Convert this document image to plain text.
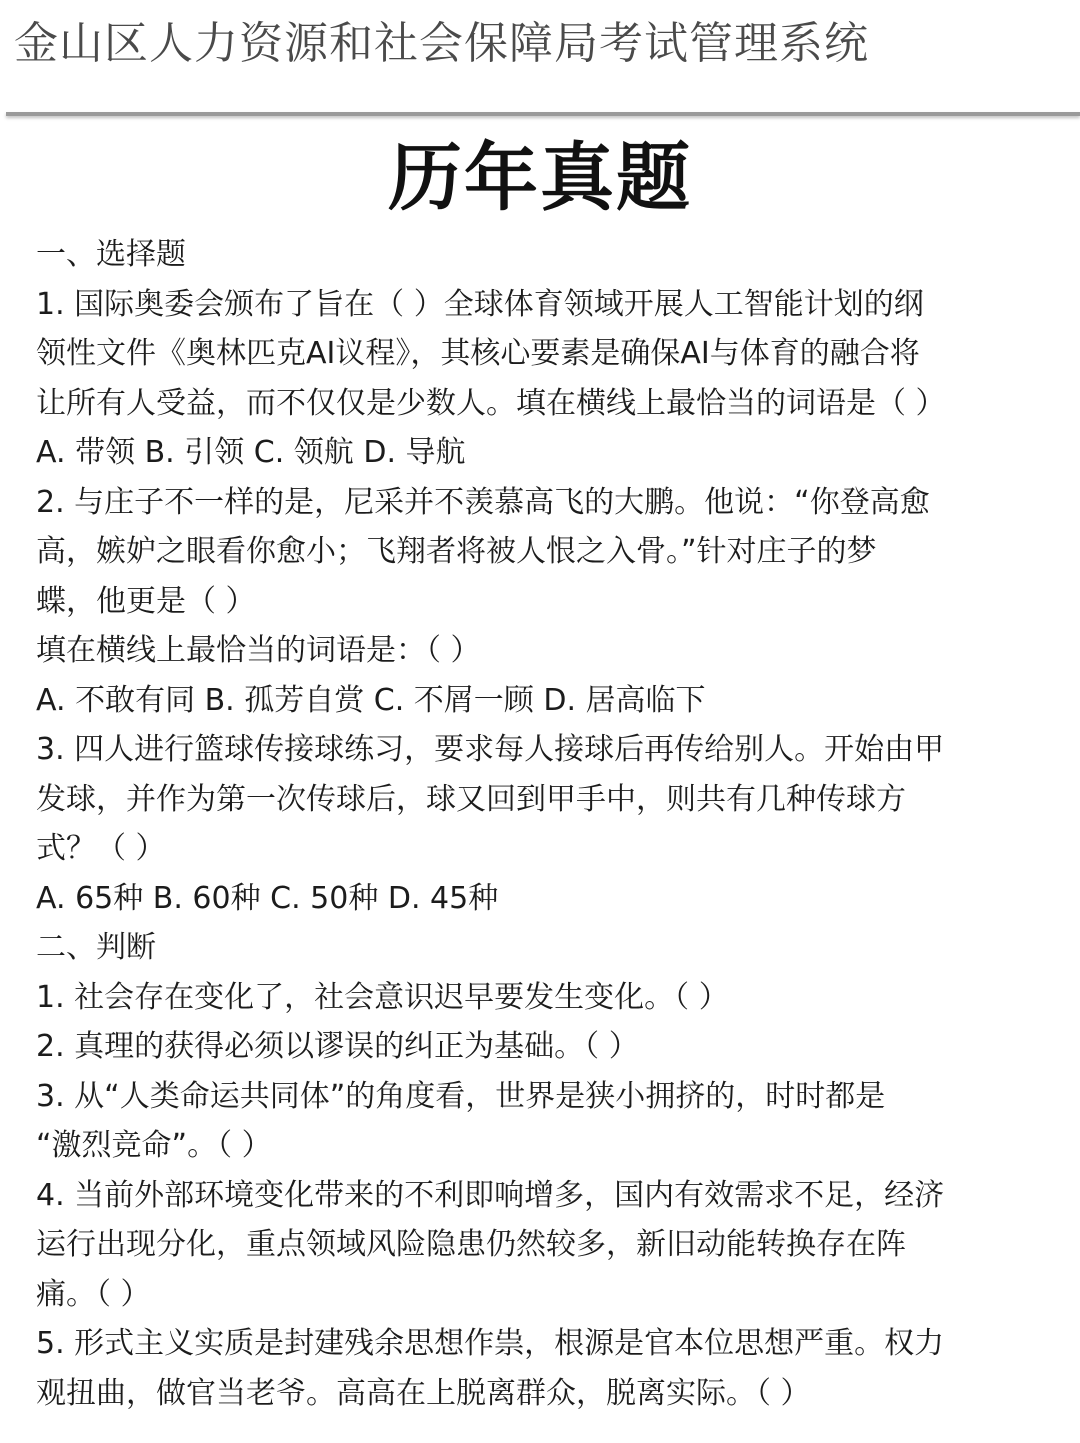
金山区人力资源和社会保障局考试管理系统
历年真题
一、选择题
1. 国际奥委会颁布了旨在（ ）全球体育领域开展人工智能计划的纲
领性文件《奥林匹克AI议程》，其核心要素是确保AI与体育的融合将
让所有人受益，而不仅仅是少数人。填在横线上最恰当的词语是（ ）
A. 带领 B. 引领 C. 领航 D. 导航
2. 与庄子不一样的是，尼采并不羡慕高飞的大鹏。他说：“你登高愈
高，嫉妒之眼看你愈小；飞翔者将被人恨之入骨。”针对庄子的梦
蝶，他更是（ ）
填在横线上最恰当的词语是：（ ）
A. 不敢有同 B. 孤芳自赏 C. 不屑一顾 D. 居高临下
3. 四人进行篮球传接球练习，要求每人接球后再传给别人。开始由甲
发球，并作为第一次传球后，球又回到甲手中，则共有几种传球方
式？（ ）
A. 65种 B. 60种 C. 50种 D. 45种
二、判断
1. 社会存在变化了，社会意识迟早要发生变化。（ ）
2. 真理的获得必须以谬误的纠正为基础。（ ）
3. 从“人类命运共同体”的角度看，世界是狭小拥挤的，时时都是
“激烈竞命”。（ ）
4. 当前外部环境变化带来的不利即响增多，国内有效需求不足，经济
运行出现分化，重点领域风险隐患仍然较多，新旧动能转换存在阵
痛。（ ）
5. 形式主义实质是封建残余思想作祟，根源是官本位思想严重。权力
观扭曲，做官当老爷。高高在上脱离群众，脱离实际。（ ）
